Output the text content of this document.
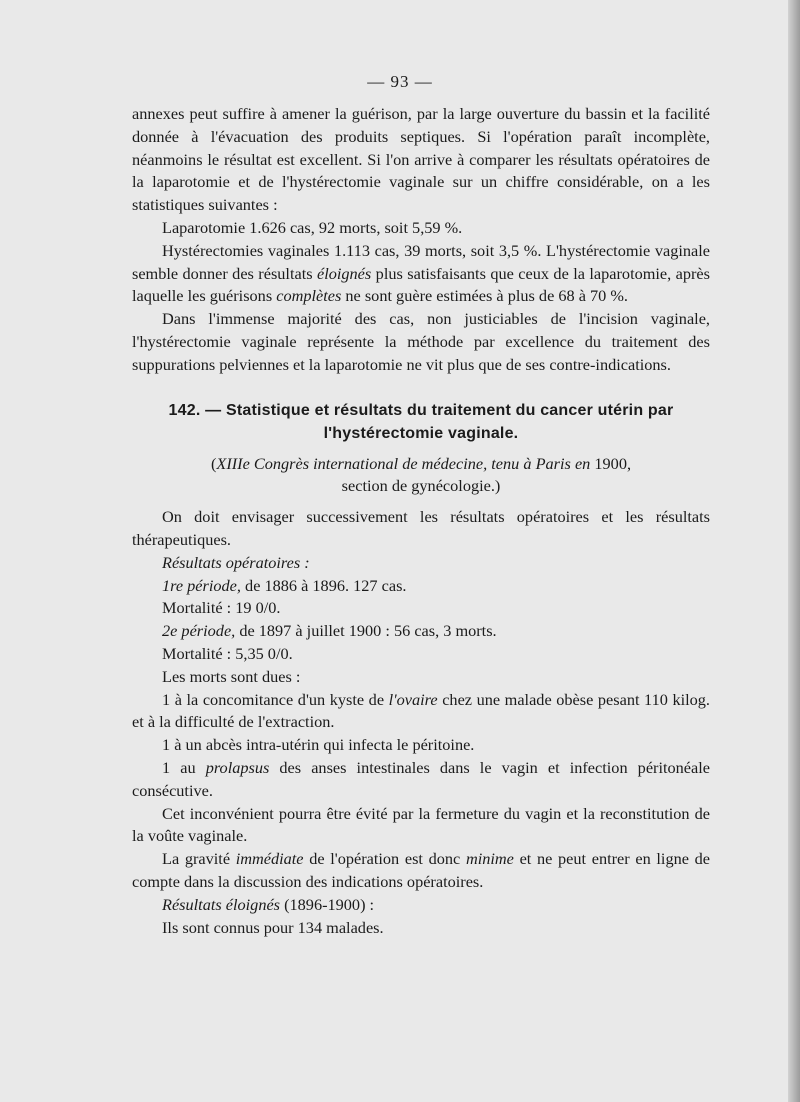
— 93 —

annexes peut suffire à amener la guérison, par la large ouverture du bassin et la facilité donnée à l'évacuation des produits septiques. Si l'opération paraît incomplète, néanmoins le résultat est excellent. Si l'on arrive à comparer les résultats opératoires de la laparotomie et de l'hystérectomie vaginale sur un chiffre considérable, on a les statistiques suivantes :

Laparotomie 1.626 cas, 92 morts, soit 5,59 %.

Hystérectomies vaginales 1.113 cas, 39 morts, soit 3,5 %. L'hystérectomie vaginale semble donner des résultats éloignés plus satisfaisants que ceux de la laparotomie, après laquelle les guérisons complètes ne sont guère estimées à plus de 68 à 70 %.

Dans l'immense majorité des cas, non justiciables de l'incision vaginale, l'hystérectomie vaginale représente la méthode par excellence du traitement des suppurations pelviennes et la laparotomie ne vit plus que de ses contre-indications.

142. — Statistique et résultats du traitement du cancer utérin par
l'hystérectomie vaginale.
(XIIIe Congrès international de médecine, tenu à Paris en 1900,
section de gynécologie.)

On doit envisager successivement les résultats opératoires et les résultats thérapeutiques.

Résultats opératoires :

1re période, de 1886 à 1896. 127 cas.

Mortalité : 19 0/0.

2e période, de 1897 à juillet 1900 : 56 cas, 3 morts.

Mortalité : 5,35 0/0.

Les morts sont dues :

1 à la concomitance d'un kyste de l'ovaire chez une malade obèse pesant 110 kilog. et à la difficulté de l'extraction.

1 à un abcès intra-utérin qui infecta le péritoine.

1 au prolapsus des anses intestinales dans le vagin et infection péritonéale consécutive.

Cet inconvénient pourra être évité par la fermeture du vagin et la reconstitution de la voûte vaginale.

La gravité immédiate de l'opération est donc minime et ne peut entrer en ligne de compte dans la discussion des indications opératoires.

Résultats éloignés (1896-1900) :

Ils sont connus pour 134 malades.
